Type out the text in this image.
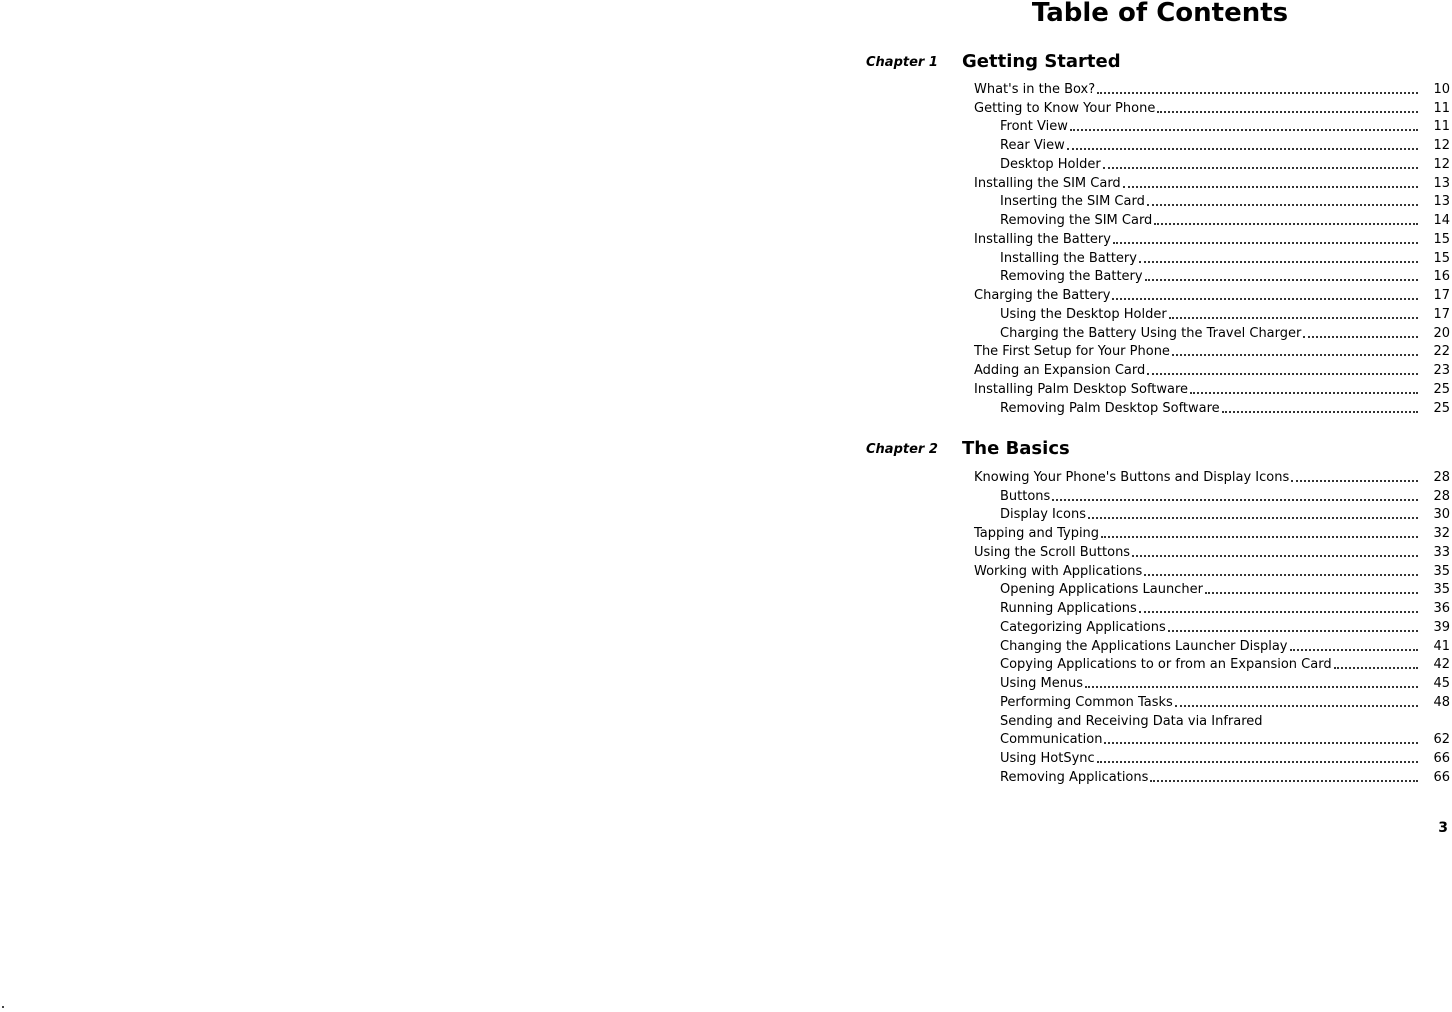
Table of Contents
Chapter 1	Getting Started
What's in the Box?	10
Getting to Know Your Phone	11
Front View	11
Rear View	12
Desktop Holder	12
Installing the SIM Card	13
Inserting the SIM Card	13
Removing the SIM Card	14
Installing the Battery	15
Installing the Battery	15
Removing the Battery	16
Charging the Battery	17
Using the Desktop Holder	17
Charging the Battery Using the Travel Charger	20
The First Setup for Your Phone	22
Adding an Expansion Card	23
Installing Palm Desktop Software	25
Removing Palm Desktop Software	25
Chapter 2	The Basics
Knowing Your Phone's Buttons and Display Icons	28
Buttons	28
Display Icons	30
Tapping and Typing	32
Using the Scroll Buttons	33
Working with Applications	35
Opening Applications Launcher	35
Running Applications	36
Categorizing Applications	39
Changing the Applications Launcher Display	41
Copying Applications to or from an Expansion Card	42
Using Menus	45
Performing Common Tasks	48
Sending and Receiving Data via Infrared
Communication	62
Using HotSync	66
Removing Applications	66
3
